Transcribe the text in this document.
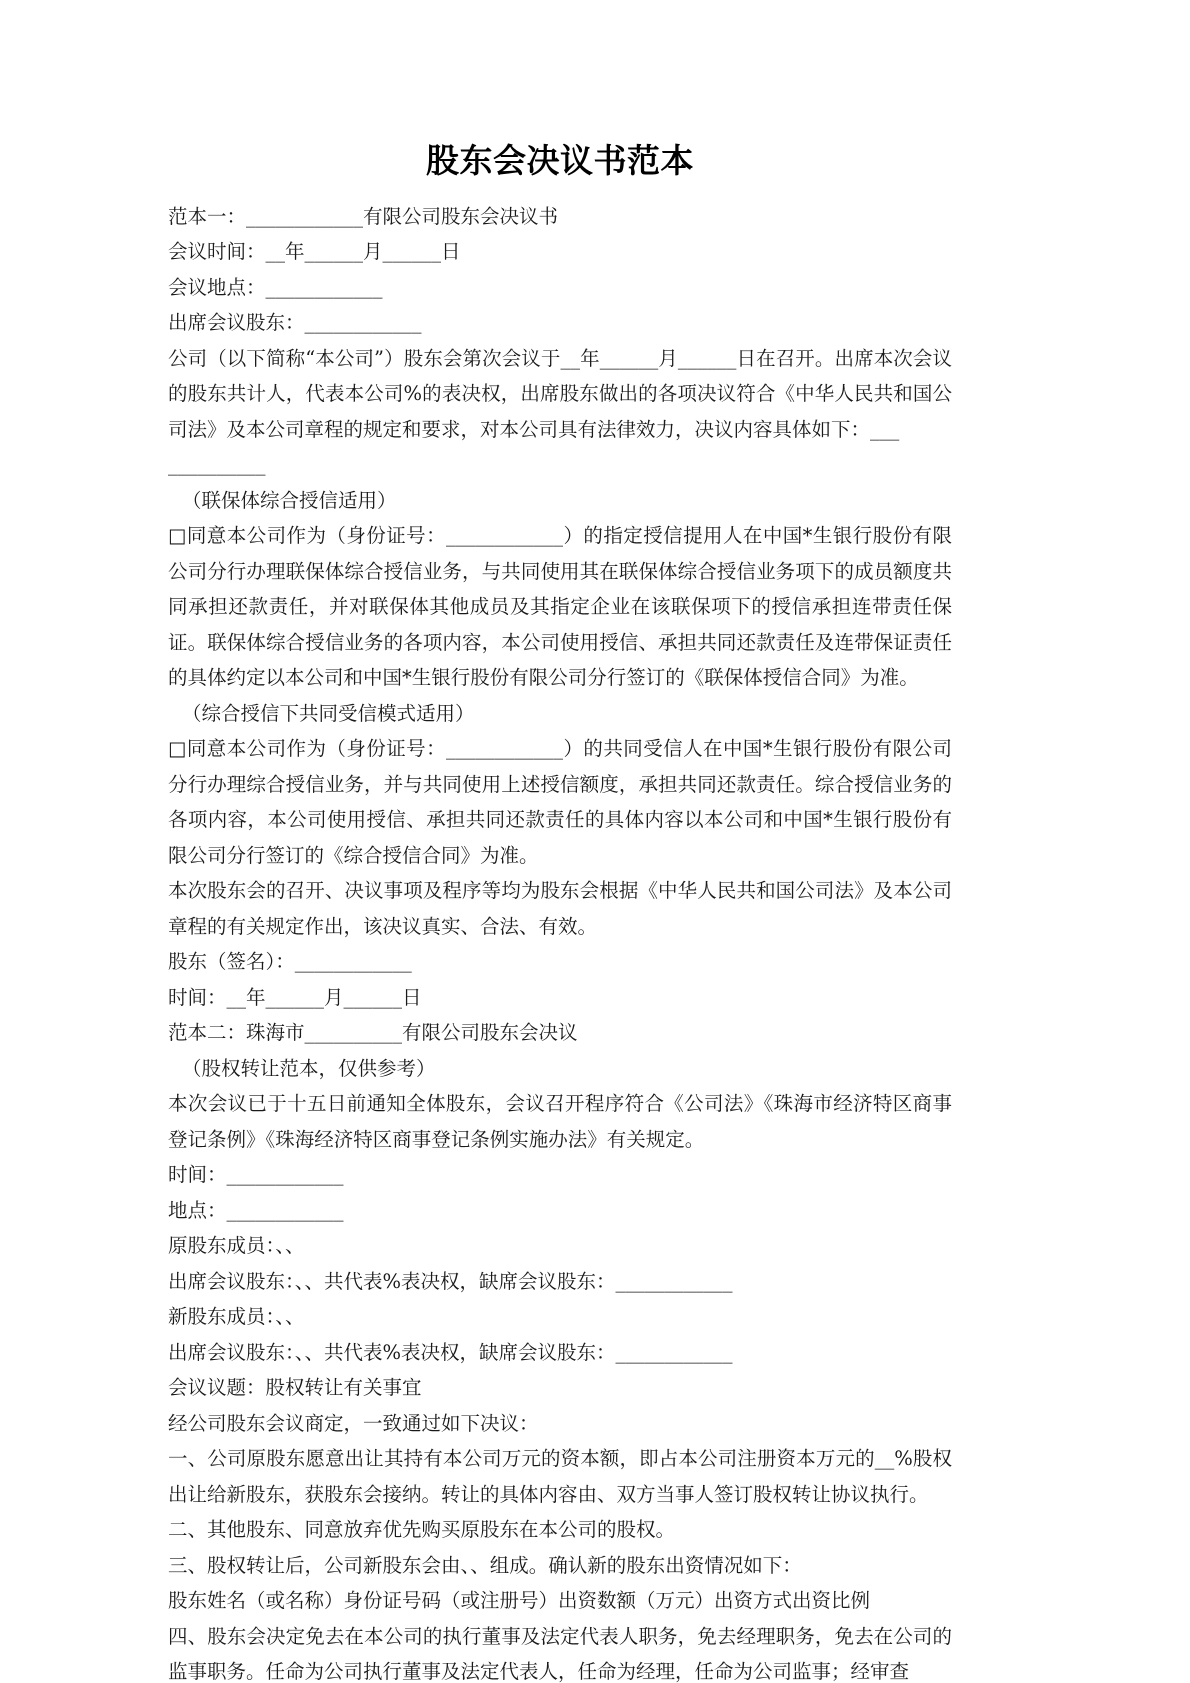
股东会决议书范本

范本一：____________有限公司股东会决议书

会议时间：__年______月______日

会议地点：____________

出席会议股东：____________

公司（以下简称“本公司”）股东会第次会议于__年______月______日在召开。出席本次会议的股东共计人，代表本公司%的表决权，出席股东做出的各项决议符合《中华人民共和国公司法》及本公司章程的规定和要求，对本公司具有法律效力，决议内容具体如下：___

__________

（联保体综合授信适用）

□同意本公司作为（身份证号：____________）的指定授信提用人在中国*生银行股份有限公司分行办理联保体综合授信业务，与共同使用其在联保体综合授信业务项下的成员额度共同承担还款责任，并对联保体其他成员及其指定企业在该联保项下的授信承担连带责任保证。联保体综合授信业务的各项内容，本公司使用授信、承担共同还款责任及连带保证责任的具体约定以本公司和中国*生银行股份有限公司分行签订的《联保体授信合同》为准。

（综合授信下共同受信模式适用）

□同意本公司作为（身份证号：____________）的共同受信人在中国*生银行股份有限公司分行办理综合授信业务，并与共同使用上述授信额度，承担共同还款责任。综合授信业务的各项内容，本公司使用授信、承担共同还款责任的具体内容以本公司和中国*生银行股份有限公司分行签订的《综合授信合同》为准。

本次股东会的召开、决议事项及程序等均为股东会根据《中华人民共和国公司法》及本公司章程的有关规定作出，该决议真实、合法、有效。

股东（签名）：____________

时间：__年______月______日

范本二：珠海市__________有限公司股东会决议

（股权转让范本，仅供参考）

本次会议已于十五日前通知全体股东，会议召开程序符合《公司法》《珠海市经济特区商事登记条例》《珠海经济特区商事登记条例实施办法》有关规定。

时间：____________

地点：____________

原股东成员：、、

出席会议股东：、、共代表%表决权，缺席会议股东：____________

新股东成员：、、

出席会议股东：、、共代表%表决权，缺席会议股东：____________

会议议题：股权转让有关事宜

经公司股东会议商定，一致通过如下决议：

一、公司原股东愿意出让其持有本公司万元的资本额，即占本公司注册资本万元的__%股权出让给新股东，获股东会接纳。转让的具体内容由、双方当事人签订股权转让协议执行。

二、其他股东、同意放弃优先购买原股东在本公司的股权。

三、股权转让后，公司新股东会由、、组成。确认新的股东出资情况如下：

股东姓名（或名称）身份证号码（或注册号）出资数额（万元）出资方式出资比例

四、股东会决定免去在本公司的执行董事及法定代表人职务，免去经理职务，免去在公司的监事职务。任命为公司执行董事及法定代表人，任命为经理，任命为公司监事；经审查
